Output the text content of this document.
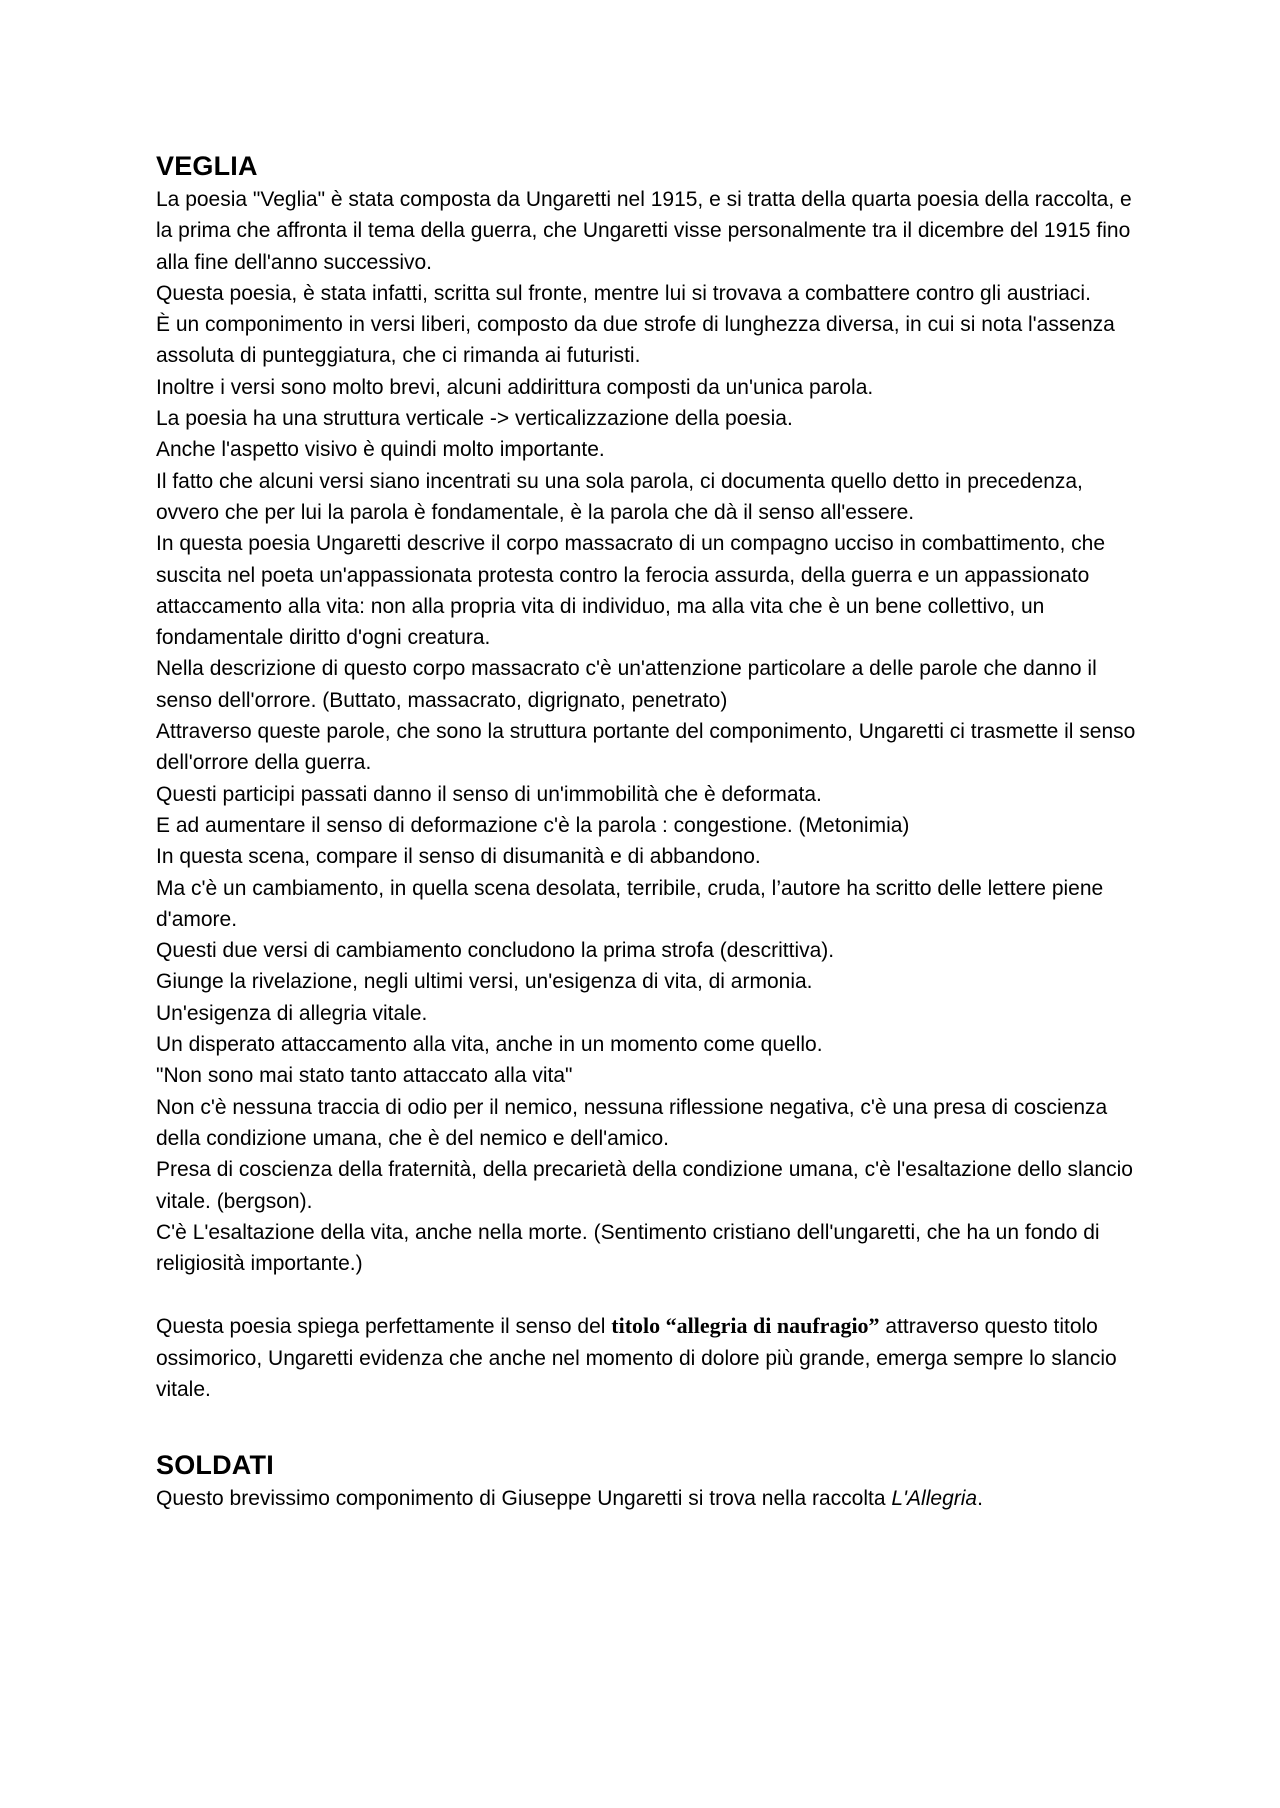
VEGLIA

La poesia "Veglia" è stata composta da Ungaretti nel 1915, e si tratta della quarta poesia della raccolta, e la prima che affronta il tema della guerra, che Ungaretti visse personalmente tra il dicembre del 1915 fino alla fine dell'anno successivo.

Questa poesia, è stata infatti, scritta sul fronte, mentre lui si trovava a combattere contro gli austriaci.

È un componimento in versi liberi, composto da due strofe di lunghezza diversa, in cui si nota l'assenza assoluta di punteggiatura, che ci rimanda ai futuristi.

Inoltre i versi sono molto brevi, alcuni addirittura composti da un'unica parola.

La poesia ha una struttura verticale -> verticalizzazione della poesia.

Anche l'aspetto visivo è quindi molto importante.

Il fatto che alcuni versi siano incentrati su una sola parola, ci documenta quello detto in precedenza, ovvero che per lui la parola è fondamentale, è la parola che dà il senso all'essere.

In questa poesia Ungaretti descrive il corpo massacrato di un compagno ucciso in combattimento, che suscita nel poeta un'appassionata protesta contro la ferocia assurda, della guerra e un appassionato attaccamento alla vita: non alla propria vita di individuo, ma alla vita che è un bene collettivo, un fondamentale diritto d'ogni creatura.

Nella descrizione di questo corpo massacrato c'è un'attenzione particolare a delle parole che danno il senso dell'orrore. (Buttato, massacrato, digrignato, penetrato)

Attraverso queste parole, che sono la struttura portante del componimento, Ungaretti ci trasmette il senso dell'orrore della guerra.

Questi participi passati danno il senso di un'immobilità che è deformata.

E ad aumentare il senso di deformazione c'è la parola : congestione. (Metonimia)

In questa scena, compare il senso di disumanità e di abbandono.

Ma c'è un cambiamento, in quella scena desolata, terribile, cruda, l’autore ha scritto delle lettere piene d'amore.

Questi due versi di cambiamento concludono la prima strofa (descrittiva).

Giunge la rivelazione, negli ultimi versi, un'esigenza di vita, di armonia.

Un'esigenza di allegria vitale.

Un disperato attaccamento alla vita, anche in un momento come quello.

"Non sono mai stato tanto attaccato alla vita"

Non c'è nessuna traccia di odio per il nemico, nessuna riflessione negativa, c'è una presa di coscienza della condizione umana, che è del nemico e dell'amico.

Presa di coscienza della fraternità, della precarietà della condizione umana, c'è l'esaltazione dello slancio vitale. (bergson).

C'è L'esaltazione della vita, anche nella morte. (Sentimento cristiano dell'ungaretti, che ha un fondo di religiosità importante.)

Questa poesia spiega perfettamente il senso del titolo “allegria di naufragio” attraverso questo titolo ossimorico, Ungaretti evidenza che anche nel momento di dolore più grande, emerga sempre lo slancio vitale.

SOLDATI

Questo brevissimo componimento di Giuseppe Ungaretti si trova nella raccolta L'Allegria.
